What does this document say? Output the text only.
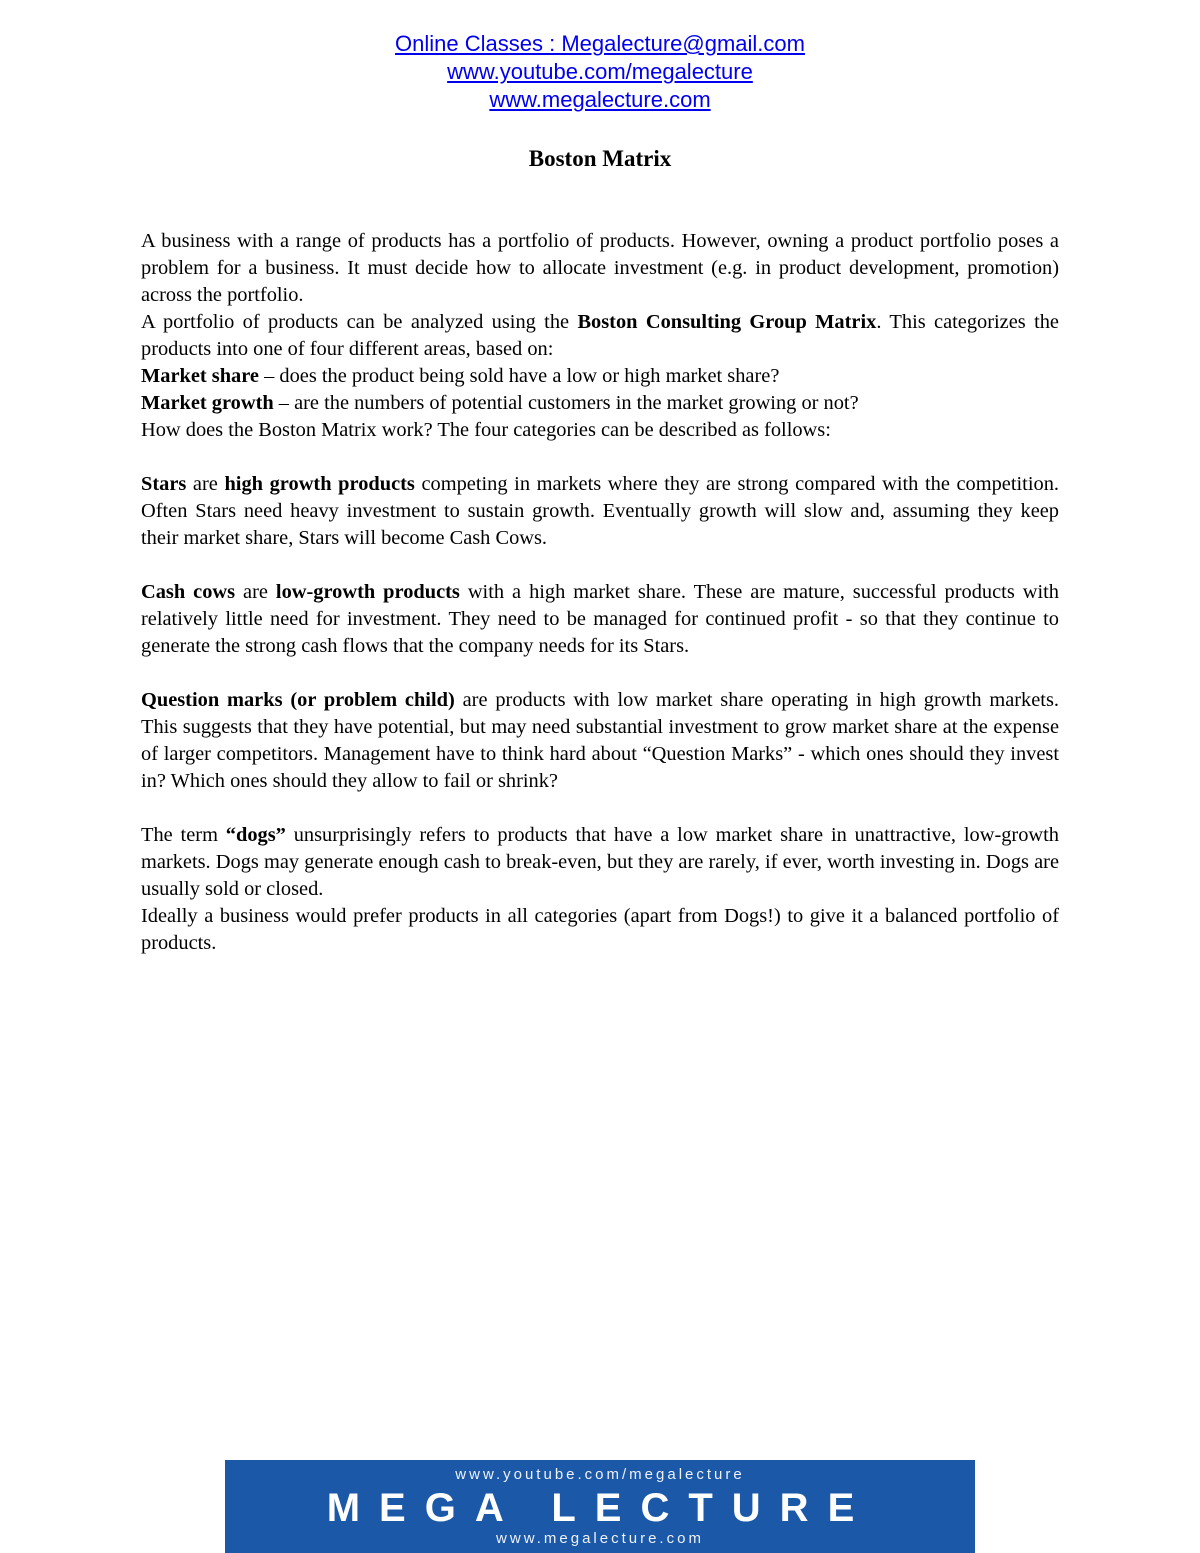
Online Classes : Megalecture@gmail.com
www.youtube.com/megalecture
www.megalecture.com
Boston Matrix

A business with a range of products has a portfolio of products. However, owning a product portfolio poses a problem for a business. It must decide how to allocate investment (e.g. in product development, promotion) across the portfolio.

A portfolio of products can be analyzed using the Boston Consulting Group Matrix. This categorizes the products into one of four different areas, based on:

Market share – does the product being sold have a low or high market share?

Market growth – are the numbers of potential customers in the market growing or not?

How does the Boston Matrix work? The four categories can be described as follows:

Stars are high growth products competing in markets where they are strong compared with the competition. Often Stars need heavy investment to sustain growth. Eventually growth will slow and, assuming they keep their market share, Stars will become Cash Cows.

Cash cows are low-growth products with a high market share. These are mature, successful products with relatively little need for investment. They need to be managed for continued profit - so that they continue to generate the strong cash flows that the company needs for its Stars.

Question marks (or problem child) are products with low market share operating in high growth markets. This suggests that they have potential, but may need substantial investment to grow market share at the expense of larger competitors. Management have to think hard about “Question Marks” - which ones should they invest in? Which ones should they allow to fail or shrink?

The term “dogs” unsurprisingly refers to products that have a low market share in unattractive, low-growth markets. Dogs may generate enough cash to break-even, but they are rarely, if ever, worth investing in. Dogs are usually sold or closed.

Ideally a business would prefer products in all categories (apart from Dogs!) to give it a balanced portfolio of products.

www.youtube.com/megalecture
MEGA LECTURE
www.megalecture.com
